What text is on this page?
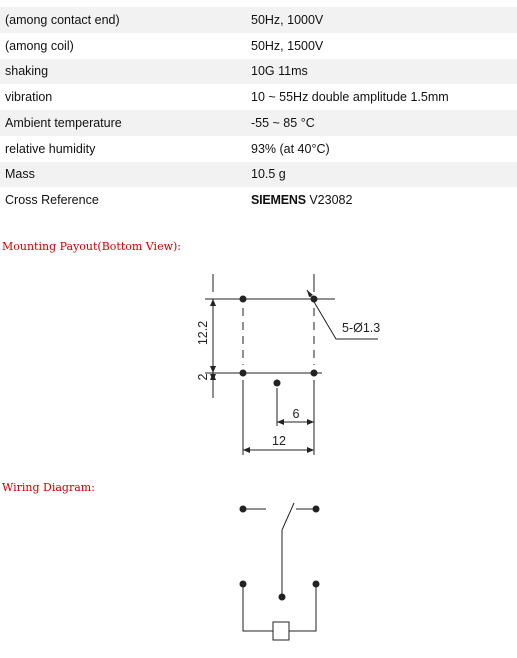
(among contact end)	50Hz, 1000V
(among coil)	50Hz, 1500V
shaking	10G 11ms
vibration	10 ~ 55Hz double amplitude 1.5mm
Ambient temperature	-55 ~ 85 °C
relative humidity	93% (at 40°C)
Mass	10.5 g
Cross Reference	SIEMENS V23082
Mounting Payout(Bottom View):
12.2
2
5-Ø1.3
6
12
Wiring Diagram:
